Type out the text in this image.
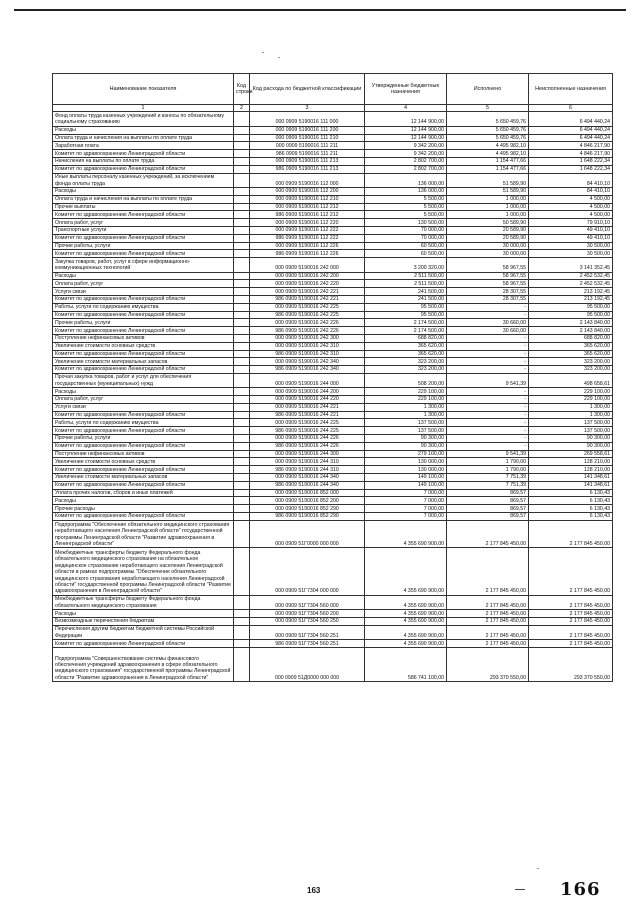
Наименование показателя	Код строки	Код расхода по бюджетной классификации	Утвержденные бюджетные назначения	Исполнено	Неисполненные назначения
1	2	3	4	5	6
Фонд оплаты труда казенных учреждений и взносы по обязательному социальному страхованию		000 0909 5190016 111 000	12 144 900,00	5 650 459,76	6 494 440,24
Расходы		000 0909 5190016 111 200	12 144 900,00	5 650 459,76	6 494 440,24
Оплата труда и начисления на выплаты по оплате труда		000 0909 5190016 111 210	12 144 900,00	5 650 459,76	6 494 440,24
Заработная плата		000 0909 5190016 111 211	9 342 200,00	4 495 982,10	4 846 217,90
Комитет по здравоохранению Ленинградской области		986 0909 5190016 111 211	9 342 200,00	4 495 982,10	4 846 217,90
Начисления на выплаты по оплате труда		000 0909 5190016 111 213	2 802 700,00	1 154 477,66	1 648 222,34
Комитет по здравоохранению Ленинградской области		986 0909 5190016 111 213	2 802 700,00	1 154 477,66	1 648 222,34
Иные выплаты персоналу казенных учреждений, за исключением фонда оплаты труда		000 0909 5190016 112 000	136 000,00	51 589,90	84 410,10
Расходы		000 0909 5190016 112 200	136 000,00	51 589,90	84 410,10
Оплата труда и начисления на выплаты по оплате труда		000 0909 5190016 112 210	5 500,00	1 000,00	4 500,00
Прочие выплаты		000 0909 5190016 112 212	5 500,00	1 000,00	4 500,00
Комитет по здравоохранению Ленинградской области		986 0909 5190016 112 212	5 500,00	1 000,00	4 500,00
Оплата работ, услуг		000 0909 5190016 112 220	130 500,00	50 589,90	79 910,10
Транспортные услуги		000 0909 5190016 112 222	70 000,00	20 589,90	49 410,10
Комитет по здравоохранению Ленинградской области		986 0909 5190016 112 222	70 000,00	20 589,90	49 410,10
Прочие работы, услуги		000 0909 5190016 112 226	60 500,00	30 000,00	30 500,00
Комитет по здравоохранению Ленинградской области		986 0909 5190016 112 226	60 500,00	30 000,00	30 500,00
Закупка товаров, работ, услуг в сфере информационно-коммуникационных технологий		000 0909 5190016 242 000	3 200 320,00	58 967,55	3 141 352,45
Расходы		000 0909 5190016 242 200	2 511 500,00	58 967,55	2 452 532,45
Оплата работ, услуг		000 0909 5190016 242 220	2 511 500,00	58 967,55	2 452 532,45
Услуги связи		000 0909 5190016 242 221	241 500,00	28 307,55	213 192,45
Комитет по здравоохранению Ленинградской области		986 0909 5190016 242 221	241 500,00	28 307,55	213 192,45
Работы, услуги по содержанию имущества		000 0909 5190016 242 225	95 500,00	-	95 500,00
Комитет по здравоохранению Ленинградской области		986 0909 5190016 242 225	95 500,00	-	95 500,00
Прочие работы, услуги		000 0909 5190016 242 226	2 174 500,00	30 660,00	2 143 840,00
Комитет по здравоохранению Ленинградской области		986 0909 5190016 242 226	2 174 500,00	30 660,00	2 143 840,00
Поступление нефинансовых активов		000 0909 5190016 242 300	688 820,00	-	688 820,00
Увеличение стоимости основных средств		000 0909 5190016 242 310	365 620,00	-	365 620,00
Комитет по здравоохранению Ленинградской области		986 0909 5190016 242 310	365 620,00	-	365 620,00
Увеличение стоимости материальных запасов		000 0909 5190016 242 340	323 200,00	-	323 200,00
Комитет по здравоохранению Ленинградской области		986 0909 5190016 242 340	323 200,00	-	323 200,00
Прочая закупка товаров, работ и услуг для обеспечения государственных (муниципальных) нужд		000 0909 5190016 244 000	508 200,00	9 541,39	498 658,61
Расходы		000 0909 5190016 244 200	229 100,00	-	229 100,00
Оплата работ, услуг		000 0909 5190016 244 220	229 100,00	-	229 100,00
Услуги связи		000 0909 5190016 244 221	1 300,00	-	1 300,00
Комитет по здравоохранению Ленинградской области		986 0909 5190016 244 221	1 300,00	-	1 300,00
Работы, услуги по содержанию имущества		000 0909 5190016 244 225	137 500,00	-	137 500,00
Комитет по здравоохранению Ленинградской области		986 0909 5190016 244 225	137 500,00	-	137 500,00
Прочие работы, услуги		000 0909 5190016 244 226	90 300,00	-	90 300,00
Комитет по здравоохранению Ленинградской области		986 0909 5190016 244 226	90 300,00	-	90 300,00
Поступление нефинансовых активов		000 0909 5190016 244 300	279 100,00	9 541,39	269 558,61
Увеличение стоимости основных средств		000 0909 5190016 244 310	130 000,00	1 790,00	128 210,00
Комитет по здравоохранению Ленинградской области		986 0909 5190016 244 310	130 000,00	1 790,00	128 210,00
Увеличение стоимости материальных запасов		000 0909 5190016 244 340	149 100,00	7 751,39	141 348,61
Комитет по здравоохранению Ленинградской области		986 0909 5190016 244 340	149 100,00	7 751,39	141 348,61
Уплата прочих налогов, сборов и иных платежей		000 0909 5190016 852 000	7 000,00	869,57	6 130,43
Расходы		000 0909 5190016 852 200	7 000,00	869,57	6 130,43
Прочие расходы		000 0909 5190016 852 290	7 000,00	869,57	6 130,43
Комитет по здравоохранению Ленинградской области		986 0909 5190016 852 290	7 000,00	869,57	6 130,43
Подпрограмма "Обеспечение обязательного медицинского страхования неработающего населения Ленинградской области" государственной программы Ленинградской области "Развитие здравоохранения в Ленинградской области"		000 0909 51Г0000 000 000	4 355 690 900,00	2 177 845 450,00	2 177 845 450,00
Межбюджетные трансферты бюджету Федерального фонда обязательного медицинского страхования на обязательное медицинское страхование неработающего населения Ленинградской области в рамках подпрограммы "Обеспечение обязательного медицинского страхования неработающего населения Ленинградской области" государственной программы Ленинградской области "Развитие здравоохранения в Ленинградской области"		000 0909 51Г7304 000 000	4 355 690 900,00	2 177 845 450,00	2 177 845 450,00
Межбюджетные трансферты бюджету Федерального фонда обязательного медицинского страхования		000 0909 51Г7304 560 000	4 355 690 900,00	2 177 845 450,00	2 177 845 450,00
Расходы		000 0909 51Г7304 560 200	4 355 690 900,00	2 177 845 450,00	2 177 845 450,00
Безвозмездные перечисления бюджетам		000 0909 51Г7304 560 250	4 355 690 900,00	2 177 845 450,00	2 177 845 450,00
Перечисления другим бюджетам бюджетной системы Российской Федерации		000 0909 51Г7304 560 251	4 355 690 900,00	2 177 845 450,00	2 177 845 450,00
Комитет по здравоохранению Ленинградской области		986 0909 51Г7304 560 251	4 355 690 900,00	2 177 845 450,00	2 177 845 450,00
Подпрограмма "Совершенствование системы финансового обеспечения учреждений здравоохранения в сфере обязательного медицинского страхования" государственной программы Ленинградской области "Развитие здравоохранения в Ленинградской области"		000 0909 51Д0000 000 000	586 741 100,00	293 370 550,00	293 370 550,00
163	166
